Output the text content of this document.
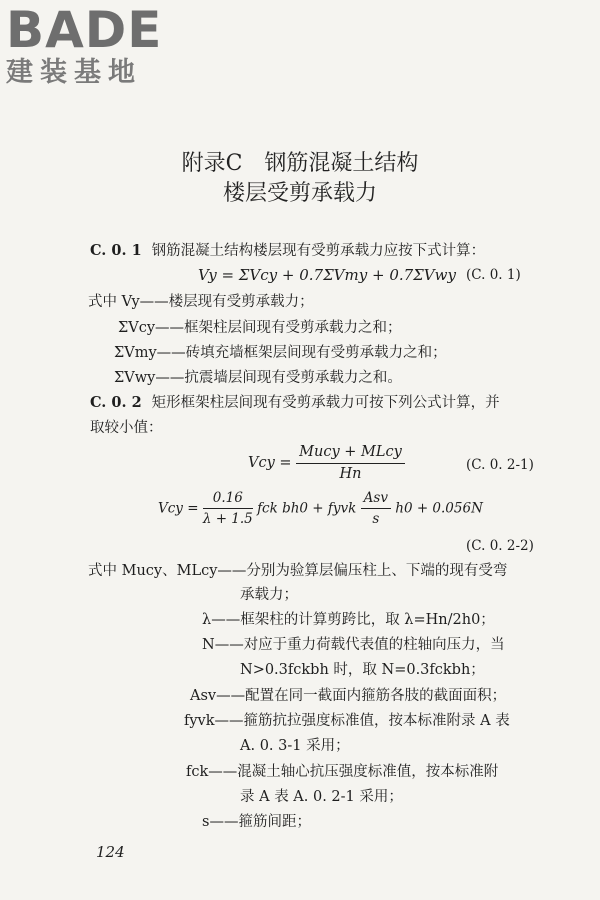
BADE
建装基地
附录C　钢筋混凝土结构
楼层受剪承载力
C. 0. 1 钢筋混凝土结构楼层现有受剪承载力应按下式计算：
Vy = ΣVcy + 0.7ΣVmy + 0.7ΣVwy (C. 0. 1)
式中 Vy——楼层现有受剪承载力；
ΣVcy——框架柱层间现有受剪承载力之和；
ΣVmy——砖填充墙框架层间现有受剪承载力之和；
ΣVwy——抗震墙层间现有受剪承载力之和。
C. 0. 2 矩形框架柱层间现有受剪承载力可按下列公式计算，并
取较小值：
Vcy = $\frac{\text{Mucy + MLcy}}{Hn}$	(C. 0. 2-1)
Vcy = $\frac{0.16}{\lambda + 1.5}$ fck bh0 + fyvk $\frac{\text{Asv}}{s} h0 + 0.056N$
(C. 0. 2-2)
式中 Mucy、MLcy——分别为验算层偏压柱上、下端的现有受弯
承载力；
λ——框架柱的计算剪跨比，取 λ=Hn/2h0；
N——对应于重力荷载代表值的柱轴向压力，当
N>0.3fckbh 时，取 N=0.3fckbh；
Asv——配置在同一截面内箍筋各肢的截面面积；
fyvk——箍筋抗拉强度标准值，按本标准附录 A 表
A. 0. 3-1 采用；
fck——混凝土轴心抗压强度标准值，按本标准附
录 A 表 A. 0. 2-1 采用；
s——箍筋间距；
124
